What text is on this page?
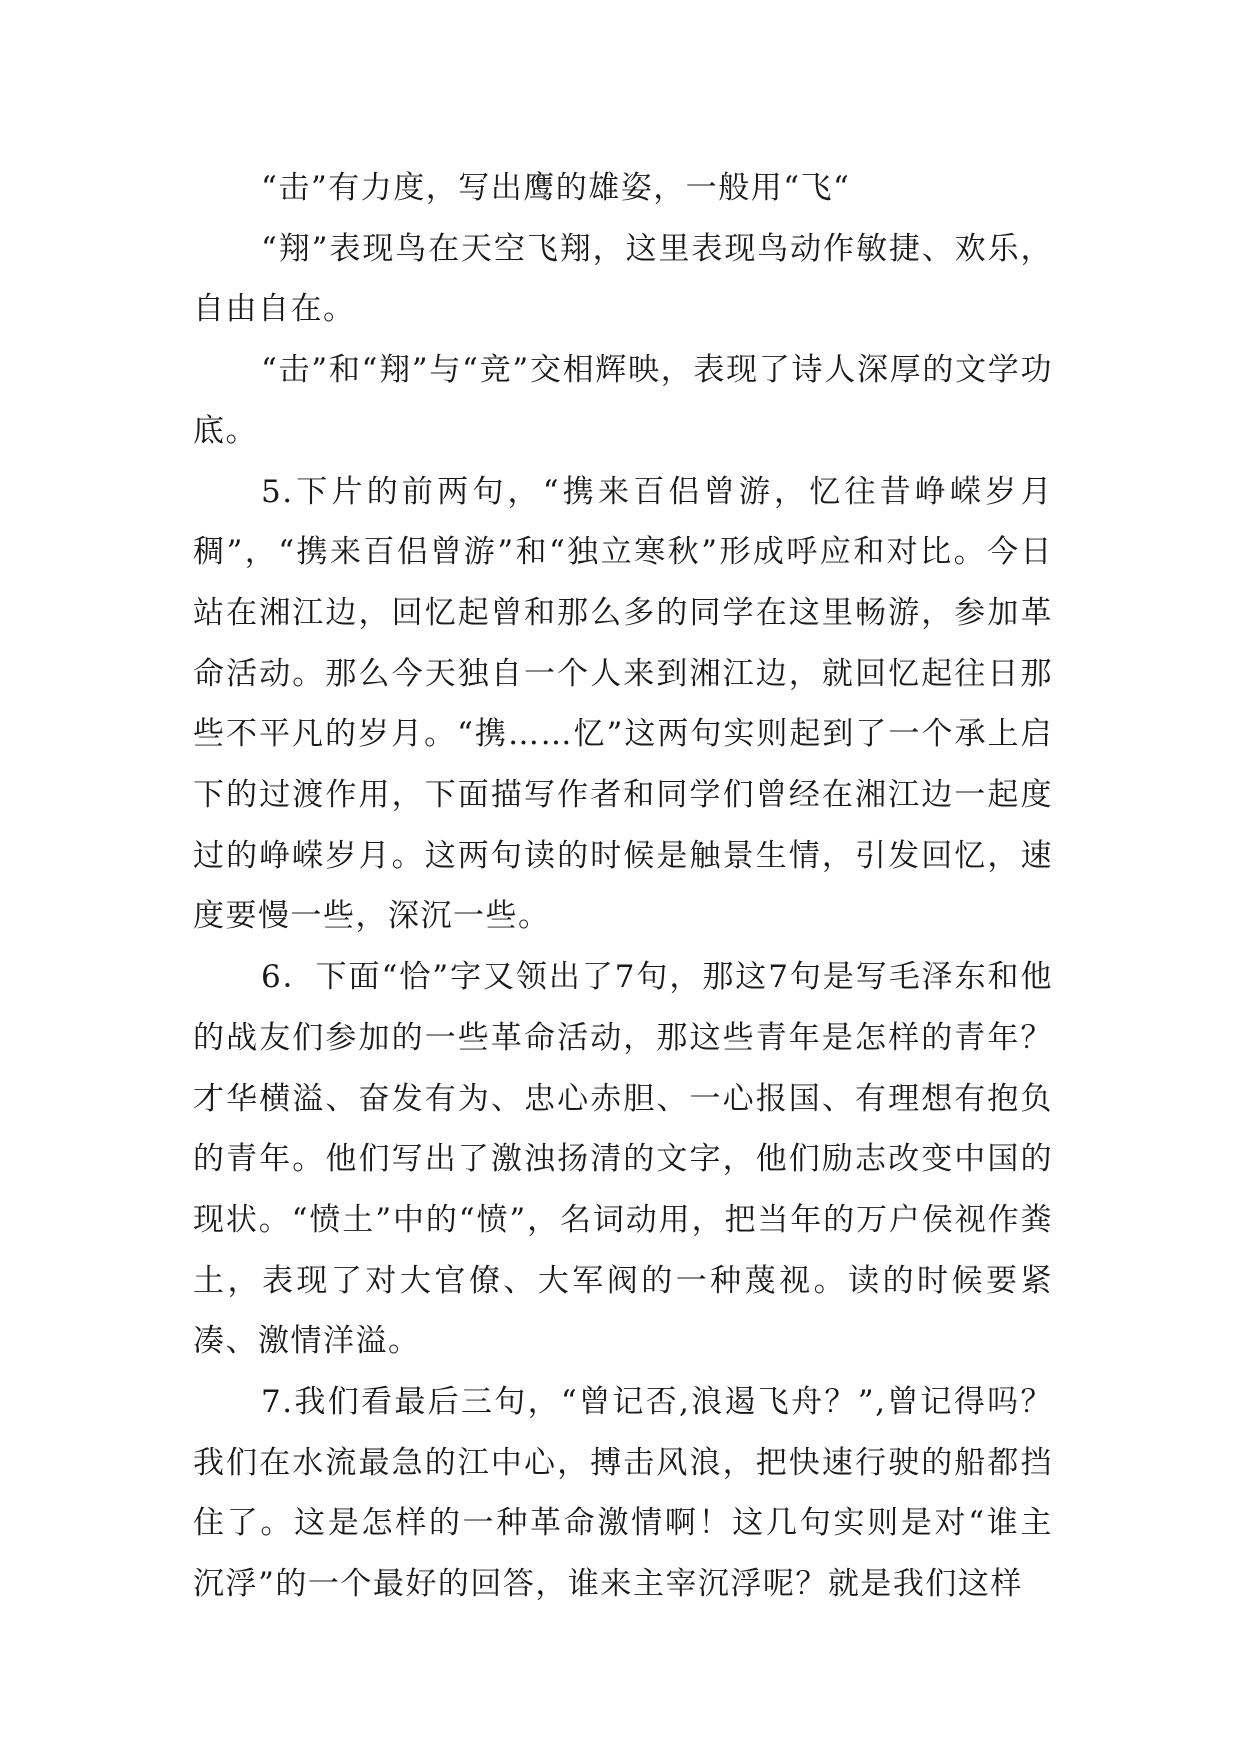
“击”有力度，写出鹰的雄姿，一般用“飞“

“翔”表现鸟在天空飞翔，这里表现鸟动作敏捷、欢乐，自由自在。

“击”和“翔”与“竞”交相辉映，表现了诗人深厚的文学功底。

5.下片的前两句，“携来百侣曾游，忆往昔峥嵘岁月稠”，“携来百侣曾游”和“独立寒秋”形成呼应和对比。今日站在湘江边，回忆起曾和那么多的同学在这里畅游，参加革命活动。那么今天独自一个人来到湘江边，就回忆起往日那些不平凡的岁月。“携……忆”这两句实则起到了一个承上启下的过渡作用，下面描写作者和同学们曾经在湘江边一起度过的峥嵘岁月。这两句读的时候是触景生情，引发回忆，速度要慢一些，深沉一些。

6．下面“恰”字又领出了7句，那这7句是写毛泽东和他的战友们参加的一些革命活动，那这些青年是怎样的青年？才华横溢、奋发有为、忠心赤胆、一心报国、有理想有抱负的青年。他们写出了激浊扬清的文字，他们励志改变中国的现状。“愤土”中的“愤”，名词动用，把当年的万户侯视作粪土，表现了对大官僚、大军阀的一种蔑视。读的时候要紧凑、激情洋溢。

7.我们看最后三句，“曾记否,浪遏飞舟？”,曾记得吗？我们在水流最急的江中心，搏击风浪，把快速行驶的船都挡住了。这是怎样的一种革命激情啊！这几句实则是对“谁主沉浮”的一个最好的回答，谁来主宰沉浮呢？就是我们这样
